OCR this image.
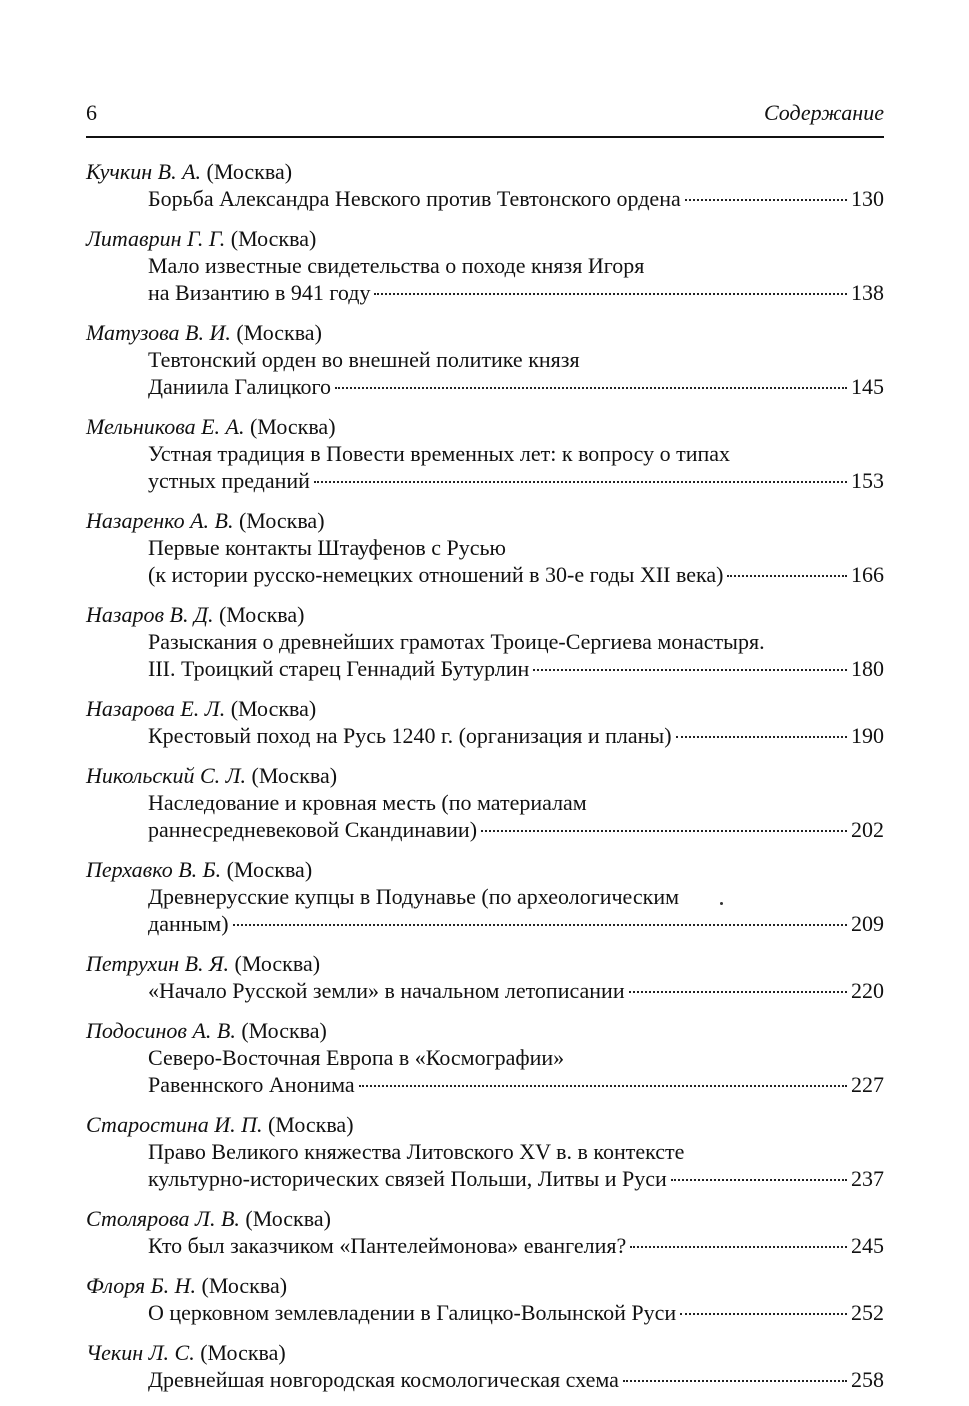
6	Содержание
Кучкин В. А. (Москва)
Борьба Александра Невского против Тевтонского ордена	130
Литаврин Г. Г. (Москва)
Мало известные свидетельства о походе князя Игоря
на Византию в 941 году	138
Матузова В. И. (Москва)
Тевтонский орден во внешней политике князя
Даниила Галицкого	145
Мельникова Е. А. (Москва)
Устная традиция в Повести временных лет: к вопросу о типах
устных преданий	153
Назаренко А. В. (Москва)
Первые контакты Штауфенов с Русью
(к истории русско-немецких отношений в 30-е годы XII века)	166
Назаров В. Д. (Москва)
Разыскания о древнейших грамотах Троице-Сергиева монастыря.
III. Троицкий старец Геннадий Бутурлин	180
Назарова Е. Л. (Москва)
Крестовый поход на Русь 1240 г. (организация и планы)	190
Никольский С. Л. (Москва)
Наследование и кровная месть (по материалам
раннесредневековой Скандинавии)	202
Перхавко В. Б. (Москва)
Древнерусские купцы в Подунавье (по археологическим
данным)	209
Петрухин В. Я. (Москва)
«Начало Русской земли» в начальном летописании	220
Подосинов А. В. (Москва)
Северо-Восточная Европа в «Космографии»
Равеннского Анонима	227
Старостина И. П. (Москва)
Право Великого княжества Литовского XV в. в контексте
культурно-исторических связей Польши, Литвы и Руси	237
Столярова Л. В. (Москва)
Кто был заказчиком «Пантелеймонова» евангелия?	245
Флоря Б. Н. (Москва)
О церковном землевладении в Галицко-Волынской Руси	252
Чекин Л. С. (Москва)
Древнейшая новгородская космологическая схема	258
